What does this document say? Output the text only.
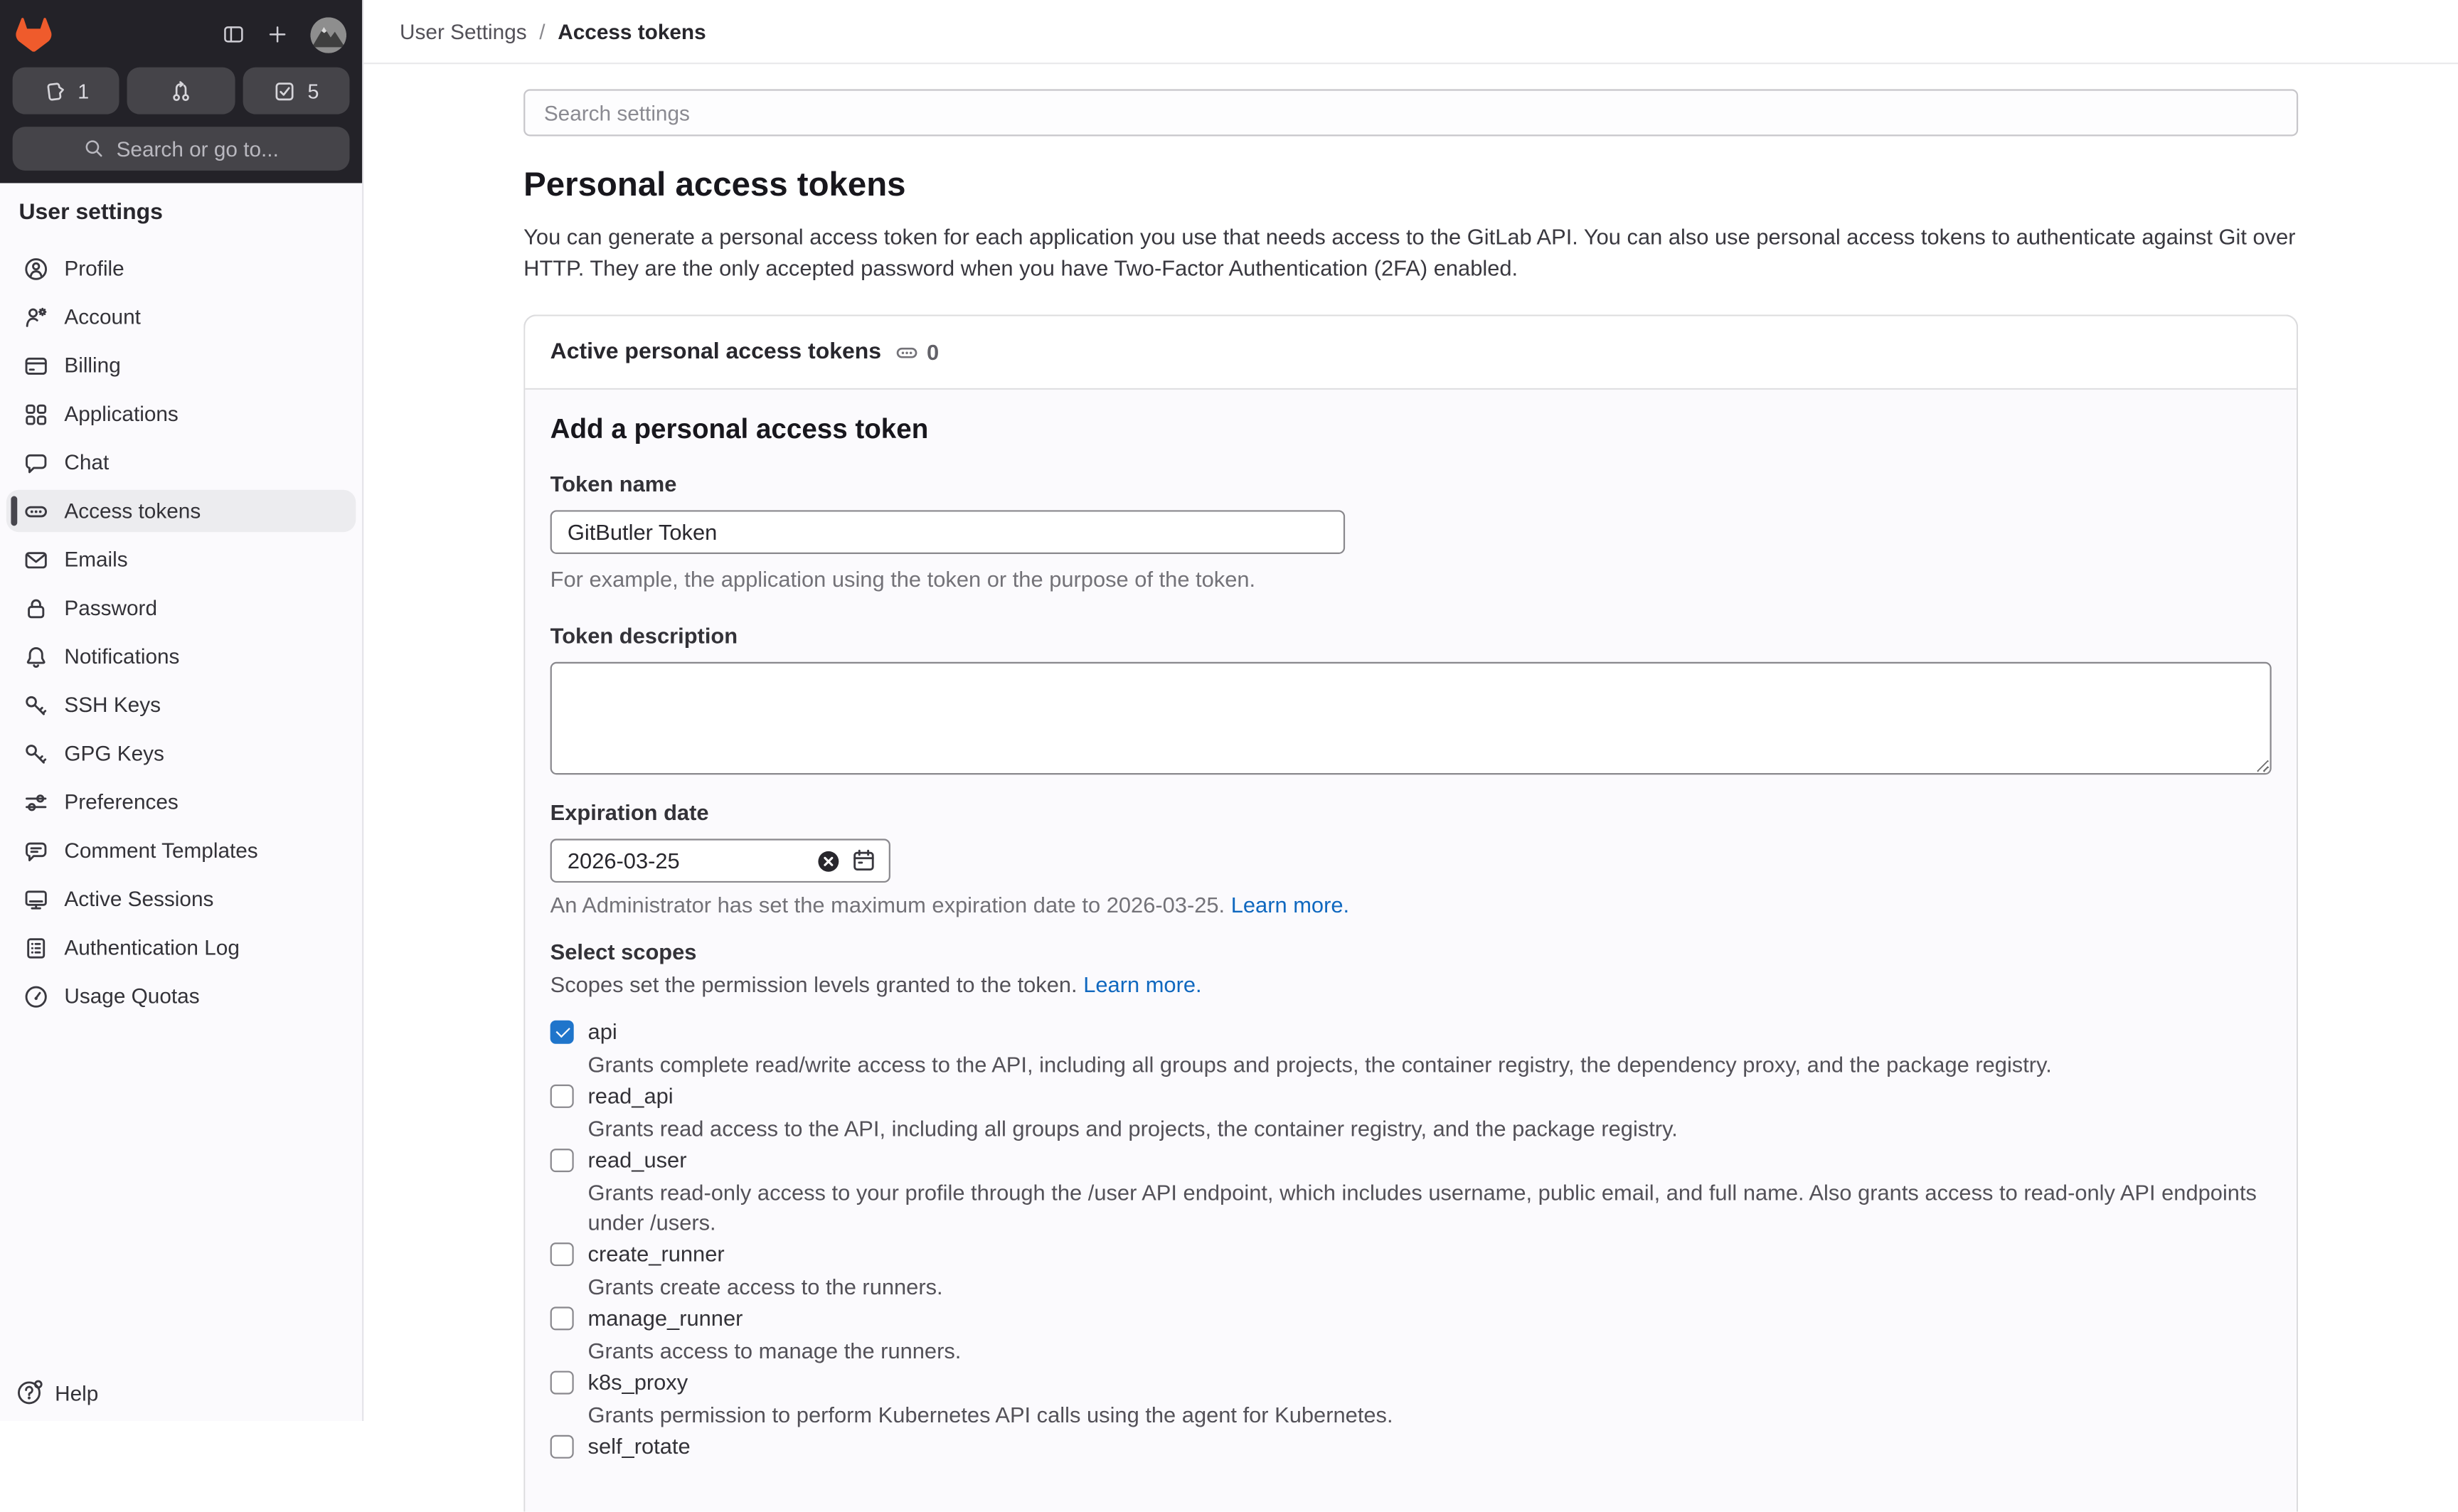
1	5
Search or go to...
User settings
Profile
Account
Billing
Applications
Chat
Access tokens
Emails
Password
Notifications
SSH Keys
GPG Keys
Preferences
Comment Templates
Active Sessions
Authentication Log
Usage Quotas
Help
User Settings / Access tokens
Search settings
Personal access tokens

You can generate a personal access token for each application you use that needs access to the GitLab API. You can also use personal access tokens to authenticate against Git over HTTP. They are the only accepted password when you have Two-Factor Authentication (2FA) enabled.

Active personal access tokens	0
Add a personal access token
Token name
GitButler Token
For example, the application using the token or the purpose of the token.
Token description
Expiration date
2026-03-25
An Administrator has set the maximum expiration date to 2026-03-25. Learn more.
Select scopes
Scopes set the permission levels granted to the token. Learn more.
api
Grants complete read/write access to the API, including all groups and projects, the container registry, the dependency proxy, and the package registry.
read_api
Grants read access to the API, including all groups and projects, the container registry, and the package registry.
read_user
Grants read-only access to your profile through the /user API endpoint, which includes username, public email, and full name. Also grants access to read-only API endpoints under /users.
create_runner
Grants create access to the runners.
manage_runner
Grants access to manage the runners.
k8s_proxy
Grants permission to perform Kubernetes API calls using the agent for Kubernetes.
self_rotate
